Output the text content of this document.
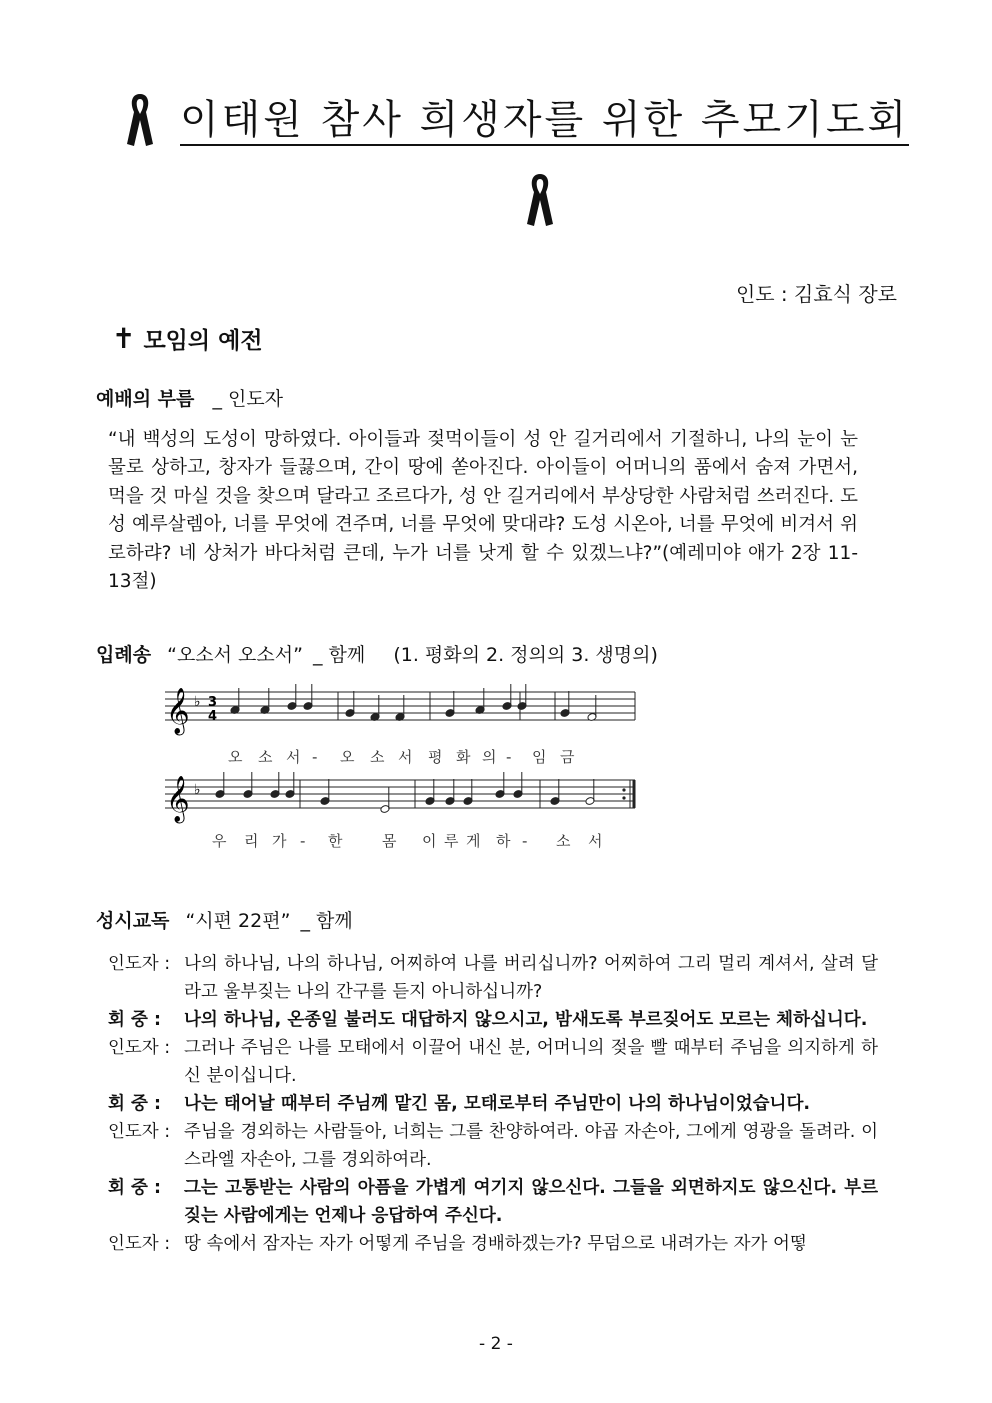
이태원 참사 희생자를 위한 추모기도회
인도 : 김효식 장로
✝ 모임의 예전
예배의 부름 _ 인도자
“내 백성의 도성이 망하였다. 아이들과 젖먹이들이 성 안 길거리에서 기절하니, 나의 눈이 눈물로 상하고, 창자가 들끓으며, 간이 땅에 쏟아진다. 아이들이 어머니의 품에서 숨져 가면서, 먹을 것 마실 것을 찾으며 달라고 조르다가, 성 안 길거리에서 부상당한 사람처럼 쓰러진다. 도성 예루살렘아, 너를 무엇에 견주며, 너를 무엇에 맞대랴? 도성 시온아, 너를 무엇에 비겨서 위로하랴? 네 상처가 바다처럼 큰데, 누가 너를 낫게 할 수 있겠느냐?”(예레미야 애가 2장 11-13절)
입례송 “오소서 오소서” _ 함께 (1. 평화의 2. 정의의 3. 생명의)
𝄞 ♭ 3
4
오 소 서 - 오 소 서 평 화 의 - 임 금
𝄞 ♭
우 리 가 - 한	몸 이 루 게 하 - 소 서
성시교독 “시편 22편” _ 함께
인도자 : 나의 하나님, 나의 하나님, 어찌하여 나를 버리십니까? 어찌하여 그리 멀리 계셔서, 살려 달라고 울부짖는 나의 간구를 듣지 아니하십니까?
회 중 :	나의 하나님, 온종일 불러도 대답하지 않으시고, 밤새도록 부르짖어도 모르는 체하십니다.
인도자 : 그러나 주님은 나를 모태에서 이끌어 내신 분, 어머니의 젖을 빨 때부터 주님을 의지하게 하신 분이십니다.
회 중 :	나는 태어날 때부터 주님께 맡긴 몸, 모태로부터 주님만이 나의 하나님이었습니다.
인도자 : 주님을 경외하는 사람들아, 너희는 그를 찬양하여라. 야곱 자손아, 그에게 영광을 돌려라. 이스라엘 자손아, 그를 경외하여라.
회 중 :	그는 고통받는 사람의 아픔을 가볍게 여기지 않으신다. 그들을 외면하지도 않으신다. 부르짖는 사람에게는 언제나 응답하여 주신다.
인도자 : 땅 속에서 잠자는 자가 어떻게 주님을 경배하겠는가? 무덤으로 내려가는 자가 어떻
- 2 -
